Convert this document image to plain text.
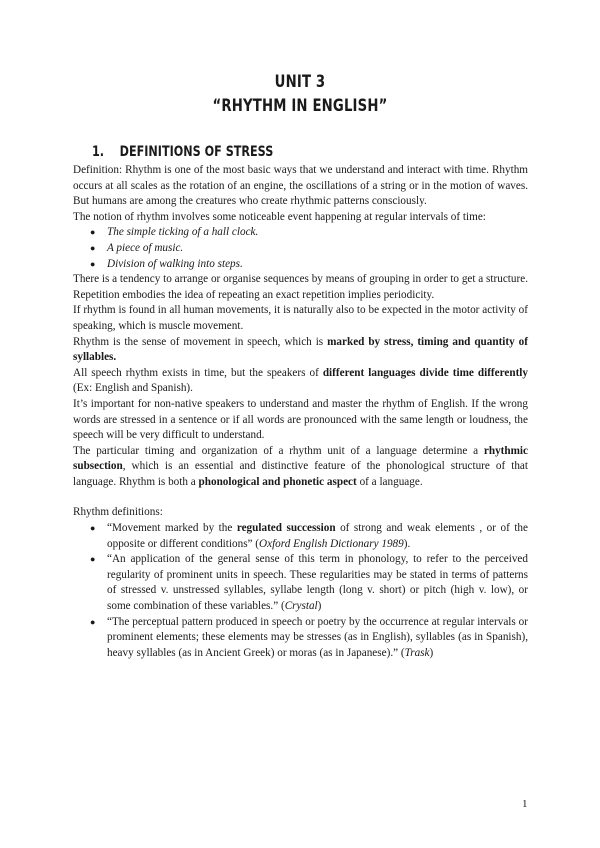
UNIT 3
“RHYTHM IN ENGLISH”
1. DEFINITIONS OF STRESS

Definition: Rhythm is one of the most basic ways that we understand and interact with time. Rhythm occurs at all scales as the rotation of an engine, the oscillations of a string or in the motion of waves. But humans are among the creatures who create rhythmic patterns consciously.

The notion of rhythm involves some noticeable event happening at regular intervals of time:

● The simple ticking of a hall clock.
● A piece of music.
● Division of walking into steps.

There is a tendency to arrange or organise sequences by means of grouping in order to get a structure. Repetition embodies the idea of repeating an exact repetition implies periodicity.

If rhythm is found in all human movements, it is naturally also to be expected in the motor activity of speaking, which is muscle movement.

Rhythm is the sense of movement in speech, which is marked by stress, timing and quantity of syllables.

All speech rhythm exists in time, but the speakers of different languages divide time differently (Ex: English and Spanish).

It’s important for non-native speakers to understand and master the rhythm of English. If the wrong words are stressed in a sentence or if all words are pronounced with the same length or loudness, the speech will be very difficult to understand.

The particular timing and organization of a rhythm unit of a language determine a rhythmic subsection, which is an essential and distinctive feature of the phonological structure of that language. Rhythm is both a phonological and phonetic aspect of a language.

Rhythm definitions:

● “Movement marked by the regulated succession of strong and weak elements , or of the opposite or different conditions” (Oxford English Dictionary 1989).
● “An application of the general sense of this term in phonology, to refer to the perceived regularity of prominent units in speech. These regularities may be stated in terms of patterns of stressed v. unstressed syllables, syllabe length (long v. short) or pitch (high v. low), or some combination of these variables.” (Crystal)
● “The perceptual pattern produced in speech or poetry by the occurrence at regular intervals or prominent elements; these elements may be stresses (as in English), syllables (as in Spanish), heavy syllables (as in Ancient Greek) or moras (as in Japanese).” (Trask)
1
